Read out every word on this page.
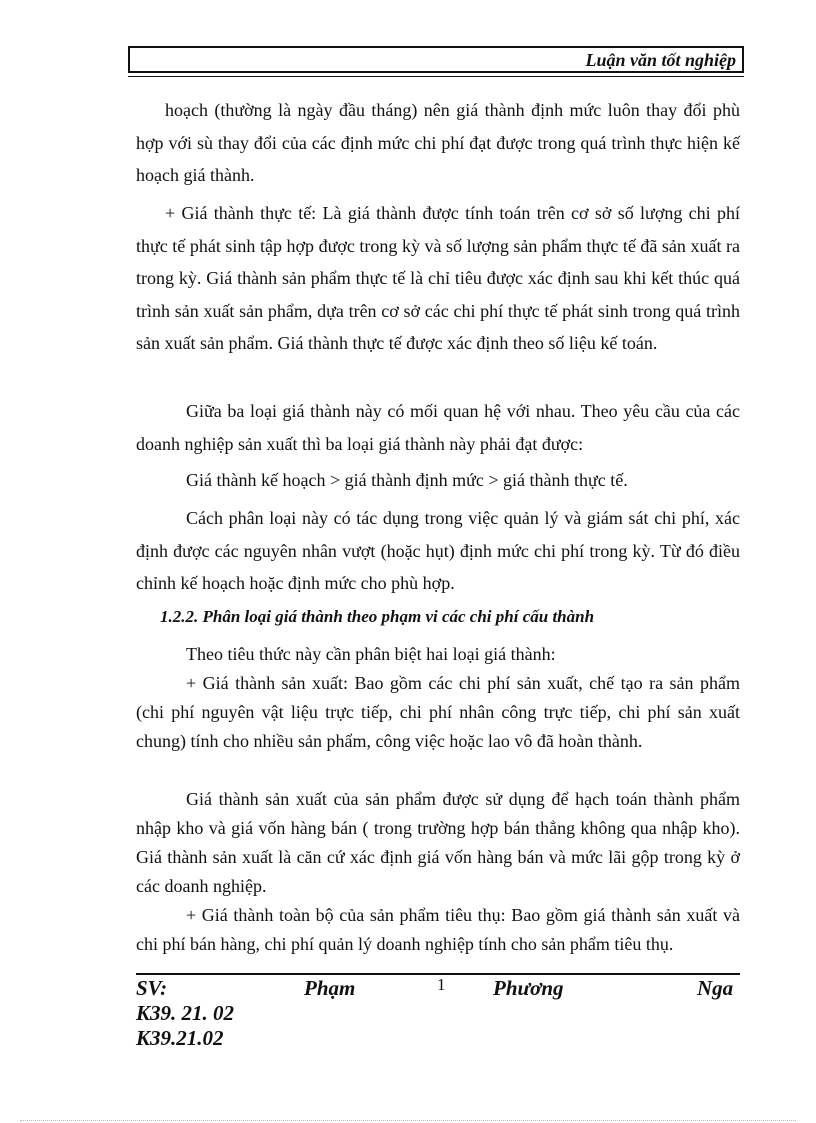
Luận văn tốt nghiệp

hoạch (thường là ngày đầu tháng) nên giá thành định mức luôn thay đổi phù hợp với sù thay đổi của các định mức chi phí đạt được trong quá trình thực hiện kế hoạch giá thành.

+ Giá thành thực tế: Là giá thành được tính toán trên cơ sở số lượng chi phí thực tế phát sinh tập hợp được trong kỳ và số lượng sản phẩm thực tế đã sản xuất ra trong kỳ. Giá thành sản phẩm thực tế là chỉ tiêu được xác định sau khi kết thúc quá trình sản xuất sản phẩm, dựa trên cơ sở các chi phí thực tế phát sinh trong quá trình sản xuất sản phẩm. Giá thành thực tế được xác định theo số liệu kế toán.

Giữa ba loại giá thành này có mối quan hệ với nhau. Theo yêu cầu của các doanh nghiệp sản xuất thì ba loại giá thành này phải đạt được:

Giá thành kế hoạch > giá thành định mức > giá thành thực tế.

Cách phân loại này có tác dụng trong việc quản lý và giám sát chi phí, xác định được các nguyên nhân vượt (hoặc hụt) định mức chi phí trong kỳ. Từ đó điều chỉnh kế hoạch hoặc định mức cho phù hợp.

1.2.2. Phân loại giá thành theo phạm vi các chi phí cấu thành

Theo tiêu thức này cần phân biệt hai loại giá thành:

+ Giá thành sản xuất: Bao gồm các chi phí sản xuất, chế tạo ra sản phẩm (chi phí nguyên vật liệu trực tiếp, chi phí nhân công trực tiếp, chi phí sản xuất chung) tính cho nhiều sản phẩm, công việc hoặc lao vô đã hoàn thành.

Giá thành sản xuất của sản phẩm được sử dụng để hạch toán thành phẩm nhập kho và giá vốn hàng bán ( trong trường hợp bán thẳng không qua nhập kho). Giá thành sản xuất là căn cứ xác định giá vốn hàng bán và mức lãi gộp trong kỳ ở các doanh nghiệp.

+ Giá thành toàn bộ của sản phẩm tiêu thụ: Bao gồm giá thành sản xuất và chi phí bán hàng, chi phí quản lý doanh nghiệp tính cho sản phẩm tiêu thụ.

SV:	Phạm	1 Phương	Nga
K39. 21. 02
K39.21.02
